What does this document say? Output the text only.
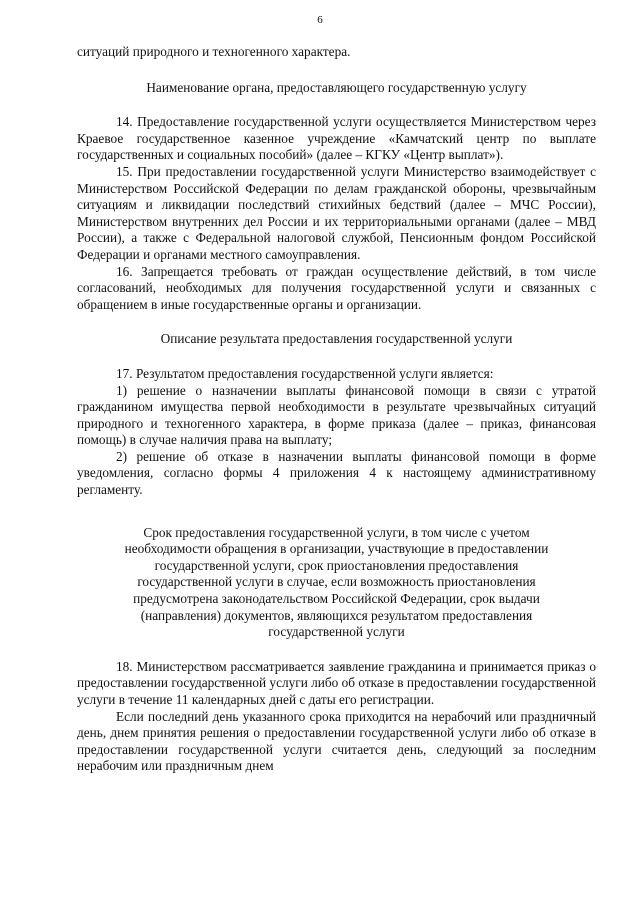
6

ситуаций природного и техногенного характера.

Наименование органа, предоставляющего государственную услугу

14. Предоставление государственной услуги осуществляется Министерством через Краевое государственное казенное учреждение «Камчатский центр по выплате государственных и социальных пособий» (далее – КГКУ «Центр выплат»).

15. При предоставлении государственной услуги Министерство взаимодействует с Министерством Российской Федерации по делам гражданской обороны, чрезвычайным ситуациям и ликвидации последствий стихийных бедствий (далее – МЧС России), Министерством внутренних дел России и их территориальными органами (далее – МВД России), а также с Федеральной налоговой службой, Пенсионным фондом Российской Федерации и органами местного самоуправления.

16. Запрещается требовать от граждан осуществление действий, в том числе согласований, необходимых для получения государственной услуги и связанных с обращением в иные государственные органы и организации.

Описание результата предоставления государственной услуги

17. Результатом предоставления государственной услуги является:

1) решение о назначении выплаты финансовой помощи в связи с утратой гражданином имущества первой необходимости в результате чрезвычайных ситуаций природного и техногенного характера, в форме приказа (далее – приказ, финансовая помощь) в случае наличия права на выплату;

2) решение об отказе в назначении выплаты финансовой помощи в форме уведомления, согласно формы 4 приложения 4 к настоящему административному регламенту.

Срок предоставления государственной услуги, в том числе с учетом необходимости обращения в организации, участвующие в предоставлении государственной услуги, срок приостановления предоставления государственной услуги в случае, если возможность приостановления предусмотрена законодательством Российской Федерации, срок выдачи (направления) документов, являющихся результатом предоставления государственной услуги

18. Министерством рассматривается заявление гражданина и принимается приказ о предоставлении государственной услуги либо об отказе в предоставлении государственной услуги в течение 11 календарных дней с даты его регистрации.

Если последний день указанного срока приходится на нерабочий или праздничный день, днем принятия решения о предоставлении государственной услуги либо об отказе в предоставлении государственной услуги считается день, следующий за последним нерабочим или праздничным днем
